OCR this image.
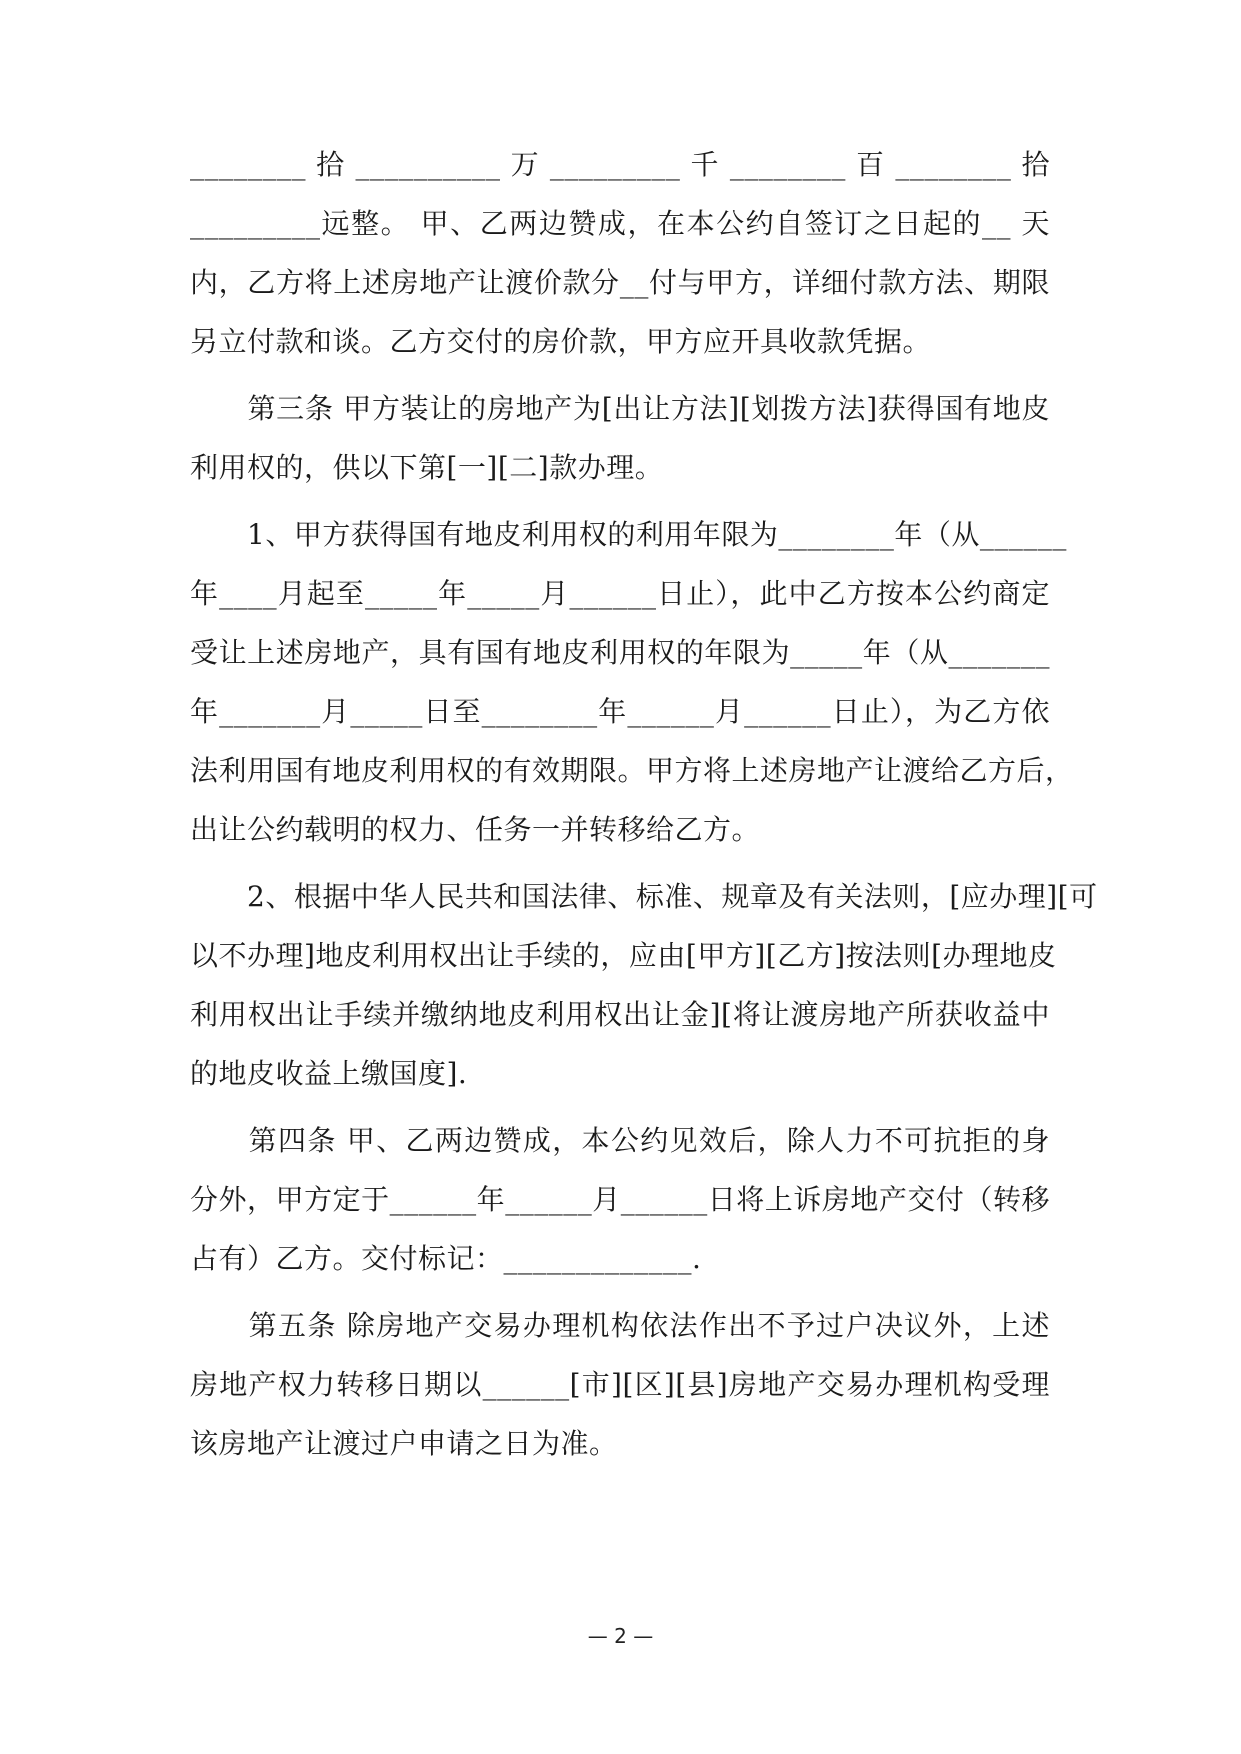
________ 拾 __________ 万 _________ 千 ________ 百 ________ 拾
_________远整。 甲、乙两边赞成，在本公约自签订之日起的__ 天
内，乙方将上述房地产让渡价款分__付与甲方，详细付款方法、期限
另立付款和谈。乙方交付的房价款，甲方应开具收款凭据。
　　第三条 甲方装让的房地产为[出让方法][划拨方法]获得国有地皮
利用权的，供以下第[一][二]款办理。
　　1、甲方获得国有地皮利用权的利用年限为________年（从______
年____月起至_____年_____月______日止），此中乙方按本公约商定
受让上述房地产，具有国有地皮利用权的年限为_____年（从_______
年_______月_____日至________年______月______日止），为乙方依
法利用国有地皮利用权的有效期限。甲方将上述房地产让渡给乙方后，
出让公约载明的权力、任务一并转移给乙方。
　　2、根据中华人民共和国法律、标准、规章及有关法则，[应办理][可
以不办理]地皮利用权出让手续的，应由[甲方][乙方]按法则[办理地皮
利用权出让手续并缴纳地皮利用权出让金][将让渡房地产所获收益中
的地皮收益上缴国度].
　　第四条 甲、乙两边赞成，本公约见效后，除人力不可抗拒的身
分外，甲方定于______年______月______日将上诉房地产交付（转移
占有）乙方。交付标记：_____________.
　　第五条 除房地产交易办理机构依法作出不予过户决议外，上述
房地产权力转移日期以______[市][区][县]房地产交易办理机构受理
该房地产让渡过户申请之日为准。
— 2 —
